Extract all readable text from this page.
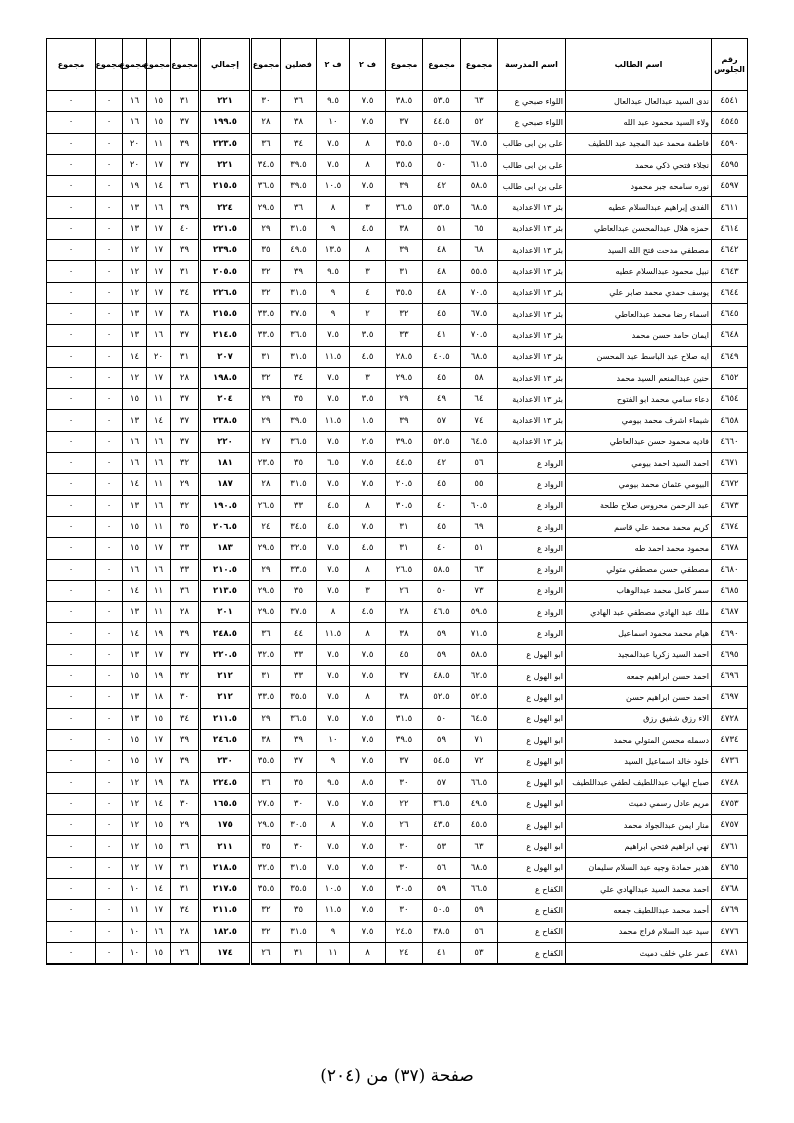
رقم الجلوس	اسم الطالب	اسم المدرسة	مجموع	مجموع	مجموع	ف ٢	ف ٢	فصلين	مجموع	إجمالي	مجموع	مجموع	مجموع	مجموع	مجموع
٤٥٤١	ندى السيد عبدالعال عبدالعال	اللواء صبحي ع	٦٣	٥٣.٥	٣٨.٥	٧.٥	٩.٥	٣٦	٣٠	٢٢١	٣١	١٥	١٦	٠	٠
٤٥٤٥	ولاء السيد محمود عبد الله	اللواء صبحي ع	٥٢	٤٤.٥	٣٧	٧.٥	١٠	٣٨	٢٨	١٩٩.٥	٣٧	١٥	١٦	٠	٠
٤٥٩٠	فاطمة محمد عبد المجيد عبد اللطيف	على بن ابى طالب	٦٧.٥	٥٠.٥	٣٥.٥	٨	٧.٥	٣٤	٣٦	٢٢٣.٥	٣٩	١١	٢٠	٠	٠
٤٥٩٥	نجلاء فتحي ذكي محمد	على بن ابى طالب	٦١.٥	٥٠	٣٥.٥	٨	٧.٥	٣٩.٥	٣٤.٥	٢٢١	٣٧	١٧	٢٠	٠	٠
٤٥٩٧	نوره سامحه جبر محمود	على بن ابى طالب	٥٨.٥	٤٢	٣٩	٧.٥	١٠.٥	٣٩.٥	٣٦.٥	٢١٥.٥	٣٦	١٤	١٩	٠	٠
٤٦١١	الفدى إبراهيم عبدالسلام عطيه	بئر ١٣ الاعدادية	٦٨.٥	٥٣.٥	٣٦.٥	٣	٨	٣٦	٢٩.٥	٢٢٤	٣٩	١٦	١٣	٠	٠
٤٦١٤	حمزه هلال عبدالمحسن عبدالعاطي	بئر ١٣ الاعدادية	٦٥	٥١	٣٨	٤.٥	٩	٣١.٥	٢٩	٢٢١.٥	٤٠	١٧	١٣	٠	٠
٤٦٤٢	مصطفي مدحت فتح الله السيد	بئر ١٣ الاعدادية	٦٨	٤٨	٣٩	٨	١٣.٥	٤٩.٥	٣٥	٢٣٩.٥	٣٩	١٧	١٢	٠	٠
٤٦٤٣	نبيل محمود عبدالسلام عطيه	بئر ١٣ الاعدادية	٥٥.٥	٤٨	٣١	٣	٩.٥	٣٩	٣٢	٢٠٥.٥	٣١	١٧	١٢	٠	٠
٤٦٤٤	يوسف حمدي محمد صابر علي	بئر ١٣ الاعدادية	٧٠.٥	٤٨	٣٥.٥	٤	٩	٣١.٥	٣٢	٢٢٦.٥	٣٤	١٧	١٢	٠	٠
٤٦٤٥	اسماء رضا محمد عبدالعاطي	بئر ١٣ الاعدادية	٦٧.٥	٤٥	٣٢	٢	٩	٣٧.٥	٣٣.٥	٢١٥.٥	٣٨	١٧	١٣	٠	٠
٤٦٤٨	ايمان حامد حسن محمد	بئر ١٣ الاعدادية	٧٠.٥	٤١	٣٣	٣.٥	٧.٥	٣٦.٥	٣٣.٥	٢١٤.٥	٣٧	١٦	١٣	٠	٠
٤٦٤٩	ايه صلاح عبد الباسط عبد المحسن	بئر ١٣ الاعدادية	٦٨.٥	٤٠.٥	٢٨.٥	٤.٥	١١.٥	٣١.٥	٣١	٢٠٧	٣١	٢٠	١٤	٠	٠
٤٦٥٢	حنين عبدالمنعم السيد محمد	بئر ١٣ الاعدادية	٥٨	٤٥	٢٩.٥	٣	٧.٥	٣٤	٣٢	١٩٨.٥	٢٨	١٧	١٢	٠	٠
٤٦٥٤	دعاء سامي محمد ابو الفتوح	بئر ١٣ الاعدادية	٦٤	٤٩	٢٩	٣.٥	٧.٥	٣٥	٢٩	٢٠٤	٣٧	١١	١٥	٠	٠
٤٦٥٨	شيماء اشرف محمد بيومي	بئر ١٣ الاعدادية	٧٤	٥٧	٣٩	١.٥	١١.٥	٣٩.٥	٢٩	٢٣٨.٥	٣٧	١٤	١٣	٠	٠
٤٦٦٠	فاديه محمود حسن عبدالعاطي	بئر ١٣ الاعدادية	٦٤.٥	٥٢.٥	٣٩.٥	٢.٥	٧.٥	٣٦.٥	٢٧	٢٢٠	٣٧	١٦	١٦	٠	٠
٤٦٧١	احمد السيد احمد بيومي	الرواد ع	٥٦	٤٢	٤٤.٥	٧.٥	٦.٥	٣٥	٢٣.٥	١٨١	٣٢	١٦	١٦	٠	٠
٤٦٧٢	البيومي عثمان محمد بيومي	الرواد ع	٥٥	٤٥	٢٠.٥	٧.٥	٧.٥	٣١.٥	٢٨	١٨٧	٢٩	١١	١٤	٠	٠
٤٦٧٣	عبد الرحمن محروس صلاح طلحة	الرواد ع	٦٠.٥	٤٠	٣٠.٥	٨	٤.٥	٣٣	٢٦.٥	١٩٠.٥	٣٢	١٦	١٣	٠	٠
٤٦٧٤	كريم محمد محمد علي قاسم	الرواد ع	٦٩	٤٥	٣١	٧.٥	٤.٥	٣٤.٥	٢٤	٢٠٦.٥	٣٥	١١	١٥	٠	٠
٤٦٧٨	محمود محمد احمد طه	الرواد ع	٥١	٤٠	٣١	٤.٥	٧.٥	٣٢.٥	٢٩.٥	١٨٣	٣٣	١٧	١٥	٠	٠
٤٦٨٠	مصطفي حسن مصطفي متولي	الرواد ع	٦٣	٥٨.٥	٢٦.٥	٨	٧.٥	٣٣.٥	٢٩	٢١٠.٥	٣٣	١٦	١٦	٠	٠
٤٦٨٥	سمر كامل محمد عبدالوهاب	الرواد ع	٧٣	٥٠	٢٦	٣	٧.٥	٣٥	٢٩.٥	٢١٣.٥	٣٦	١١	١٤	٠	٠
٤٦٨٧	ملك عبد الهادي مصطفي عبد الهادي	الرواد ع	٥٩.٥	٤٦.٥	٢٨	٤.٥	٨	٣٧.٥	٢٩.٥	٢٠١	٢٨	١١	١٣	٠	٠
٤٦٩٠	هيام محمد محمود اسماعيل	الرواد ع	٧١.٥	٥٩	٣٨	٨	١١.٥	٤٤	٣٦	٢٤٨.٥	٣٩	١٩	١٤	٠	٠
٤٦٩٥	احمد السيد زكريا عبدالمجيد	ابو الهول ع	٥٨.٥	٥٩	٤٥	٧.٥	٧.٥	٣٣	٣٢.٥	٢٢٠.٥	٣٧	١٧	١٣	٠	٠
٤٦٩٦	احمد حسن ابراهيم جمعه	ابو الهول ع	٦٢.٥	٤٨.٥	٣٧	٧.٥	٧.٥	٣٣	٣١	٢١٢	٣٢	١٩	١٥	٠	٠
٤٦٩٧	احمد حسن ابراهيم حسن	ابو الهول ع	٥٢.٥	٥٢.٥	٣٨	٨	٧.٥	٣٥.٥	٣٣.٥	٢١٢	٣٠	١٨	١٣	٠	٠
٤٧٢٨	الاء رزق شفيق رزق	ابو الهول ع	٦٤.٥	٥٠	٣١.٥	٧.٥	٧.٥	٣٦.٥	٢٩	٢١١.٥	٣٤	١٥	١٣	٠	٠
٤٧٣٤	دسمله محسن المتولي محمد	ابو الهول ع	٧١	٥٩	٣٩.٥	٧.٥	١٠	٣٩	٣٨	٢٤٦.٥	٣٩	١٧	١٥	٠	٠
٤٧٣٦	خلود خالد اسماعيل السيد	ابو الهول ع	٧٢	٥٤.٥	٣٧	٧.٥	٩	٣٧	٣٥.٥	٢٣٠	٣٩	١٧	١٥	٠	٠
٤٧٤٨	صباح ايهاب عبداللطيف لطفي عبداللطيف	ابو الهول ع	٦٦.٥	٥٧	٣٠	٨.٥	٩.٥	٣٥	٣٦	٢٢٤.٥	٣٨	١٩	١٢	٠	٠
٤٧٥٣	مريم عادل رسمي دميث	ابو الهول ع	٤٩.٥	٣٦.٥	٢٢	٧.٥	٧.٥	٣٠	٢٧.٥	١٦٥.٥	٣٠	١٤	١٢	٠	٠
٤٧٥٧	منار ايمن عبدالجواد محمد	ابو الهول ع	٤٥.٥	٤٣.٥	٢٦	٧.٥	٨	٣٠.٥	٢٩.٥	١٧٥	٢٩	١٥	١٢	٠	٠
٤٧٦١	نهي ابراهيم فتحي ابراهيم	ابو الهول ع	٦٣	٥٣	٣٠	٧.٥	٧.٥	٣٠	٣٥	٢١١	٣٦	١٥	١٢	٠	٠
٤٧٦٥	هدير حمادة وجيه عبد السلام سليمان	ابو الهول ع	٦٨.٥	٥٦	٣٠	٧.٥	٧.٥	٣١.٥	٣٢.٥	٢١٨.٥	٣١	١٧	١٢	٠	٠
٤٧٦٨	احمد محمد السيد عبدالهادي علي	الكفاح ع	٦٦.٥	٥٩	٣٠.٥	٧.٥	١٠.٥	٣٥.٥	٣٥.٥	٢١٧.٥	٣١	١٤	١٠	٠	٠
٤٧٦٩	أحمد محمد عبداللطيف جمعه	الكفاح ع	٥٩	٥٠.٥	٣٠	٧.٥	١١.٥	٣٥	٣٢	٢١١.٥	٣٤	١٧	١١	٠	٠
٤٧٧٦	سيد عبد السلام فراج محمد	الكفاح ع	٥٦	٣٨.٥	٢٤.٥	٧.٥	٩	٣١.٥	٣٢	١٨٢.٥	٢٨	١٦	١٠	٠	٠
٤٧٨١	عمر علي خلف دميث	الكفاح ع	٥٣	٤١	٢٤	٨	١١	٣١	٢٦	١٧٤	٢٦	١٥	١٠	٠	٠
صفحة (٣٧) من (٢٠٤)
